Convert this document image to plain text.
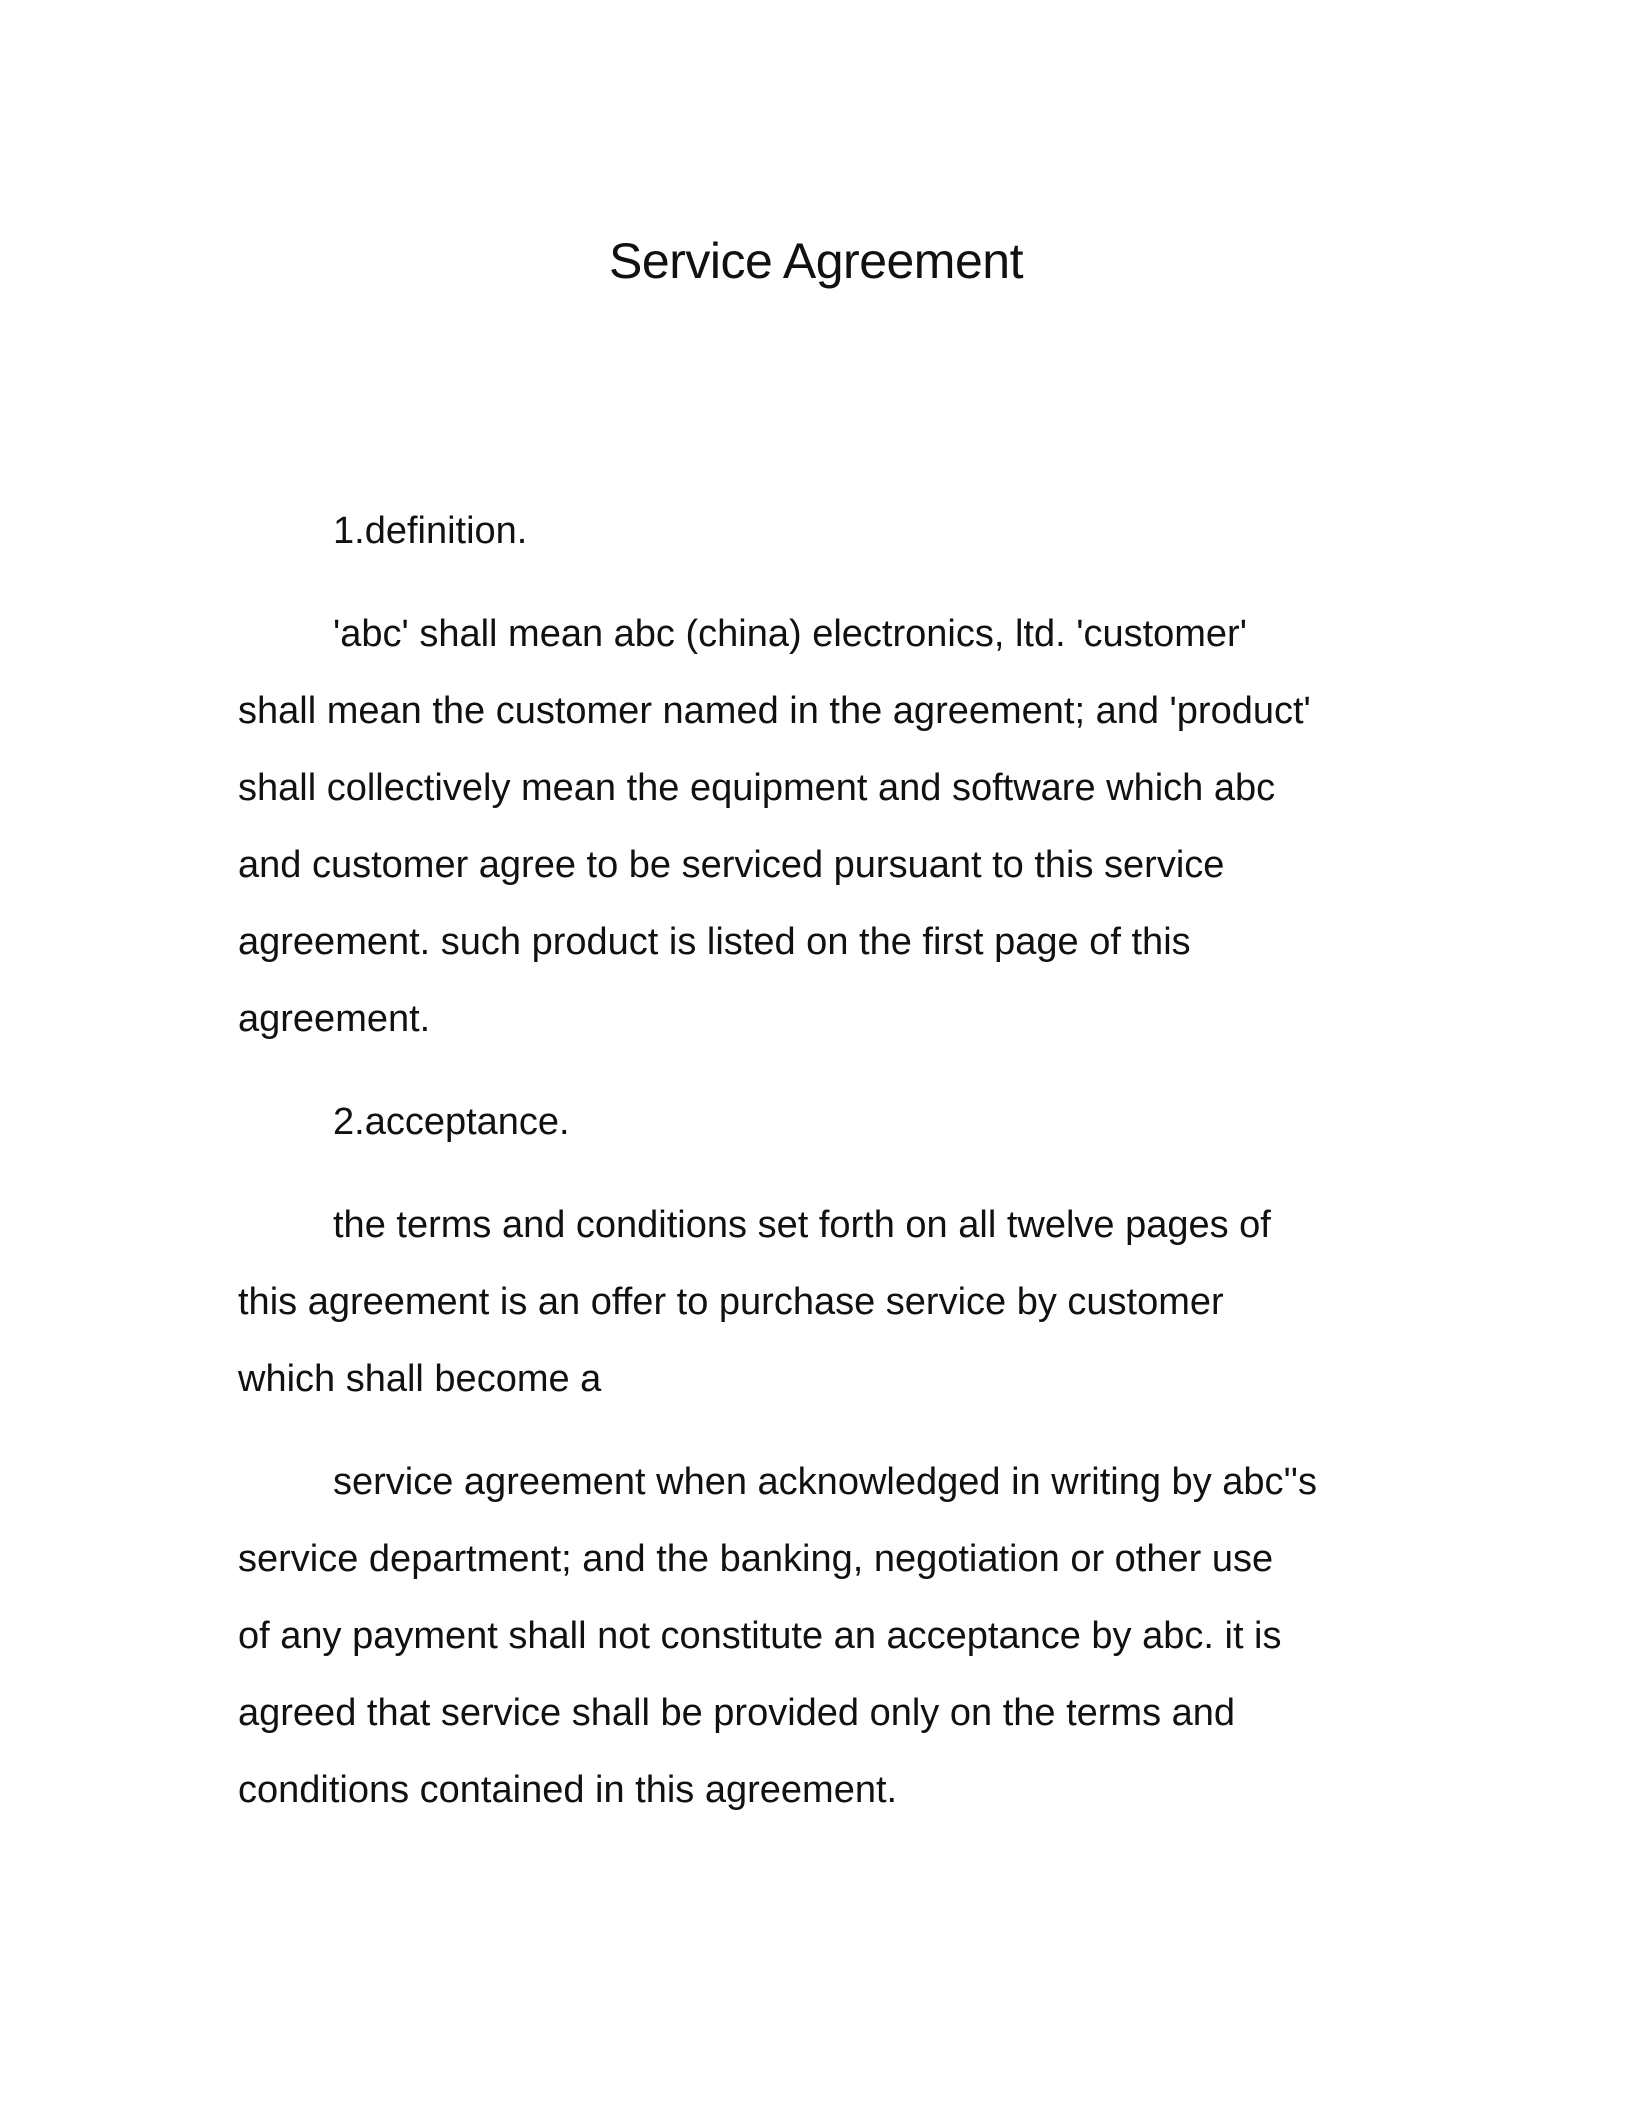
Service Agreement

1.definition.

'abc' shall mean abc (china) electronics, ltd. 'customer'
shall mean the customer named in the agreement; and 'product'
shall collectively mean the equipment and software which abc
and customer agree to be serviced pursuant to this service
agreement. such product is listed on the first page of this
agreement.

2.acceptance.

the terms and conditions set forth on all twelve pages of
this agreement is an offer to purchase service by customer
which shall become a

service agreement when acknowledged in writing by abc''s
service department; and the banking, negotiation or other use
of any payment shall not constitute an acceptance by abc. it is
agreed that service shall be provided only on the terms and
conditions contained in this agreement.
